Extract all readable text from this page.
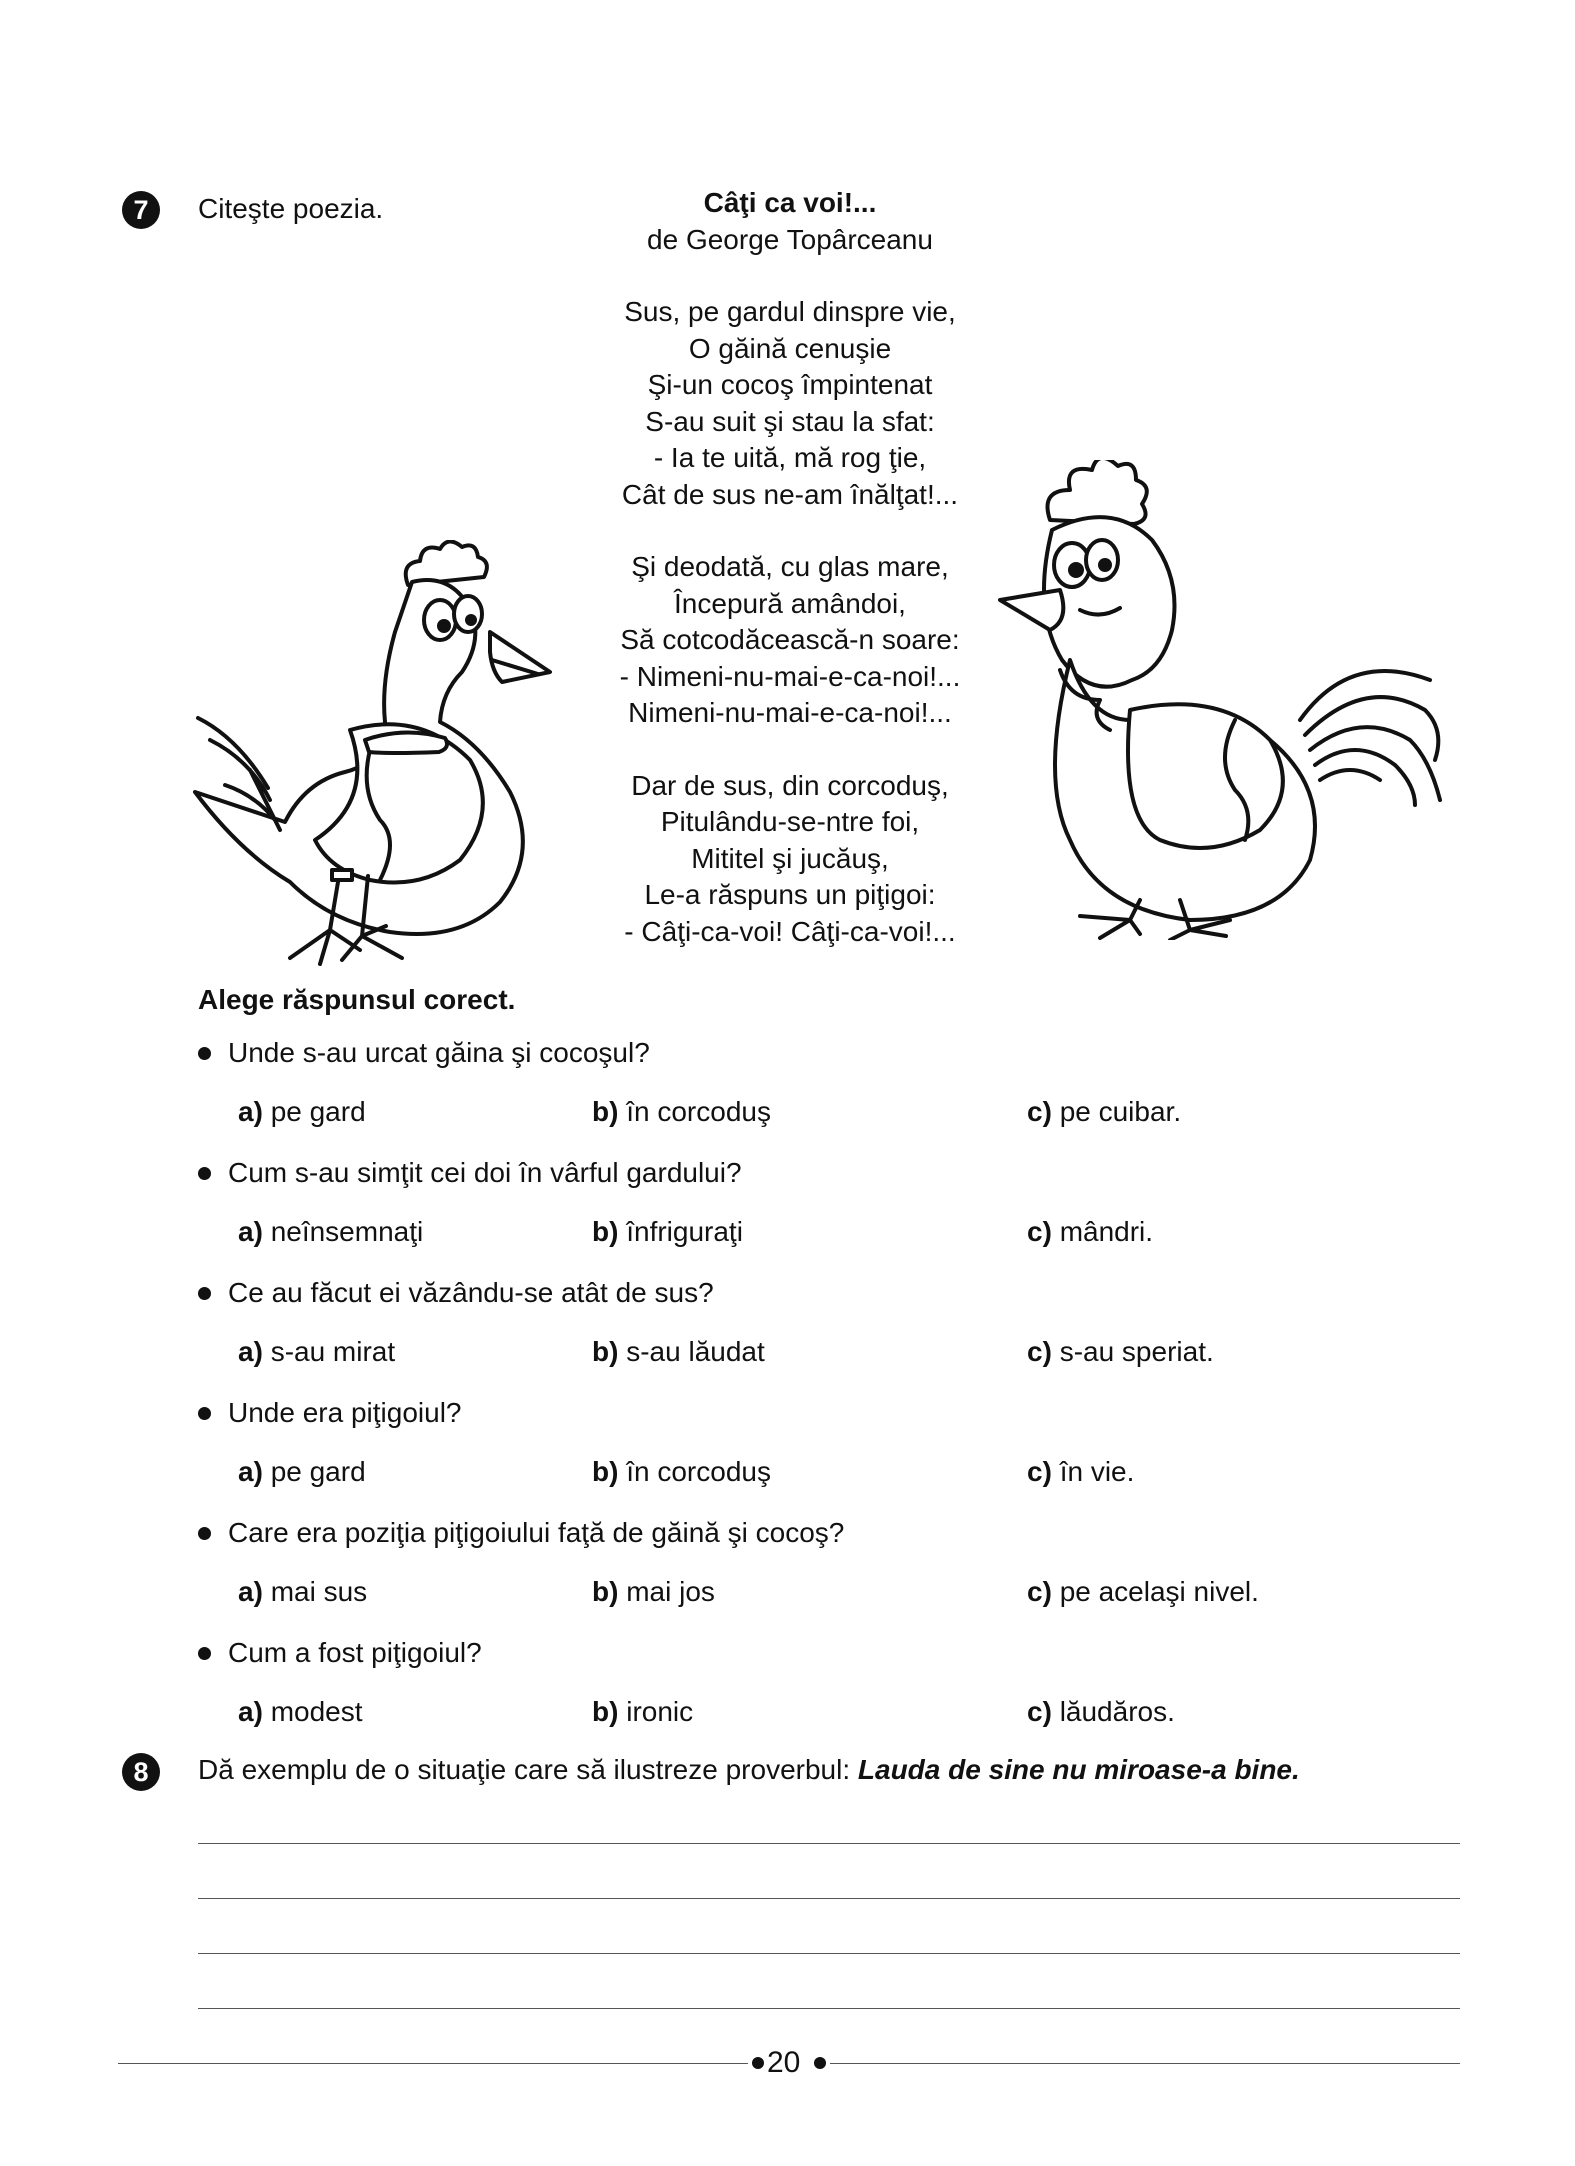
7	Citeşte poezia.	Câţi ca voi!...
de George Topârceanu
Sus, pe gardul dinspre vie,
O găină cenuşie
Şi-un cocoş împintenat
S-au suit şi stau la sfat:
- Ia te uită, mă rog ţie,
Cât de sus ne-am înălţat!...
Şi deodată, cu glas mare,
Începură amândoi,
Să cotcodăcească-n soare:
- Nimeni-nu-mai-e-ca-noi!...
Nimeni-nu-mai-e-ca-noi!...
Dar de sus, din corcoduş,
Pitulându-se-ntre foi,
Mititel şi jucăuş,
Le-a răspuns un piţigoi:
- Câţi-ca-voi! Câţi-ca-voi!...
Alege răspunsul corect.
Unde s-au urcat găina şi cocoşul?
a) pe gard	b) în corcoduş	c) pe cuibar.
Cum s-au simţit cei doi în vârful gardului?
a) neînsemnaţi	b) înfriguraţi	c) mândri.
Ce au făcut ei văzându-se atât de sus?
a) s-au mirat	b) s-au lăudat	c) s-au speriat.
Unde era piţigoiul?
a) pe gard	b) în corcoduş	c) în vie.
Care era poziţia piţigoiului faţă de găină şi cocoş?
a) mai sus	b) mai jos	c) pe acelaşi nivel.
Cum a fost piţigoiul?
a) modest	b) ironic	c) lăudăros.
8	Dă exemplu de o situaţie care să ilustreze proverbul: Lauda de sine nu miroase-a bine.
20
